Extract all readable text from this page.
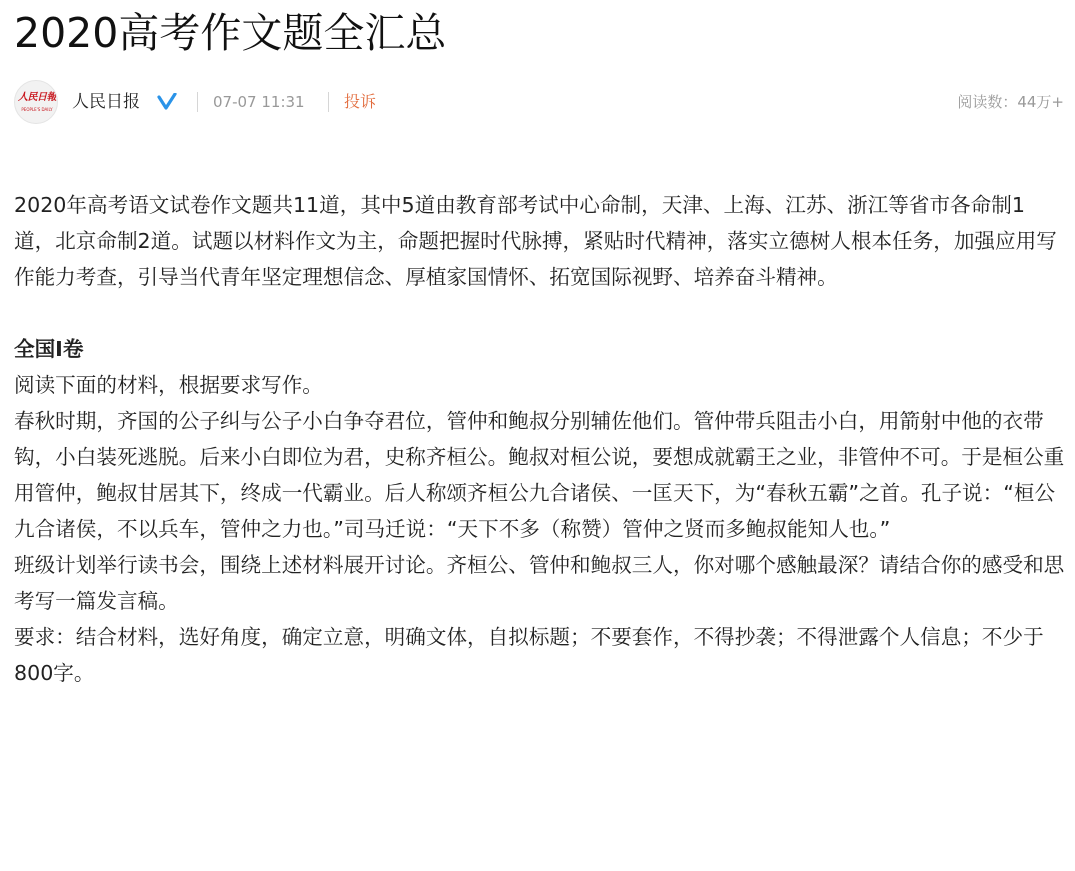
2020高考作文题全汇总
人民日報
PEOPLE'S DAILY 人民日报	07-07 11:31 投诉	阅读数：44万+

2020年高考语文试卷作文题共11道，其中5道由教育部考试中心命制，天津、上海、江苏、浙江等省市各命制1道，北京命制2道。试题以材料作文为主，命题把握时代脉搏，紧贴时代精神，落实立德树人根本任务，加强应用写作能力考查，引导当代青年坚定理想信念、厚植家国情怀、拓宽国际视野、培养奋斗精神。

全国Ⅰ卷

阅读下面的材料，根据要求写作。

春秋时期，齐国的公子纠与公子小白争夺君位，管仲和鲍叔分别辅佐他们。管仲带兵阻击小白，用箭射中他的衣带钩，小白装死逃脱。后来小白即位为君，史称齐桓公。鲍叔对桓公说，要想成就霸王之业，非管仲不可。于是桓公重用管仲，鲍叔甘居其下，终成一代霸业。后人称颂齐桓公九合诸侯、一匡天下，为“春秋五霸”之首。孔子说：“桓公九合诸侯，不以兵车，管仲之力也。”司马迁说：“天下不多（称赞）管仲之贤而多鲍叔能知人也。”

班级计划举行读书会，围绕上述材料展开讨论。齐桓公、管仲和鲍叔三人，你对哪个感触最深？请结合你的感受和思考写一篇发言稿。

要求：结合材料，选好角度，确定立意，明确文体，自拟标题；不要套作，不得抄袭；不得泄露个人信息；不少于800字。
